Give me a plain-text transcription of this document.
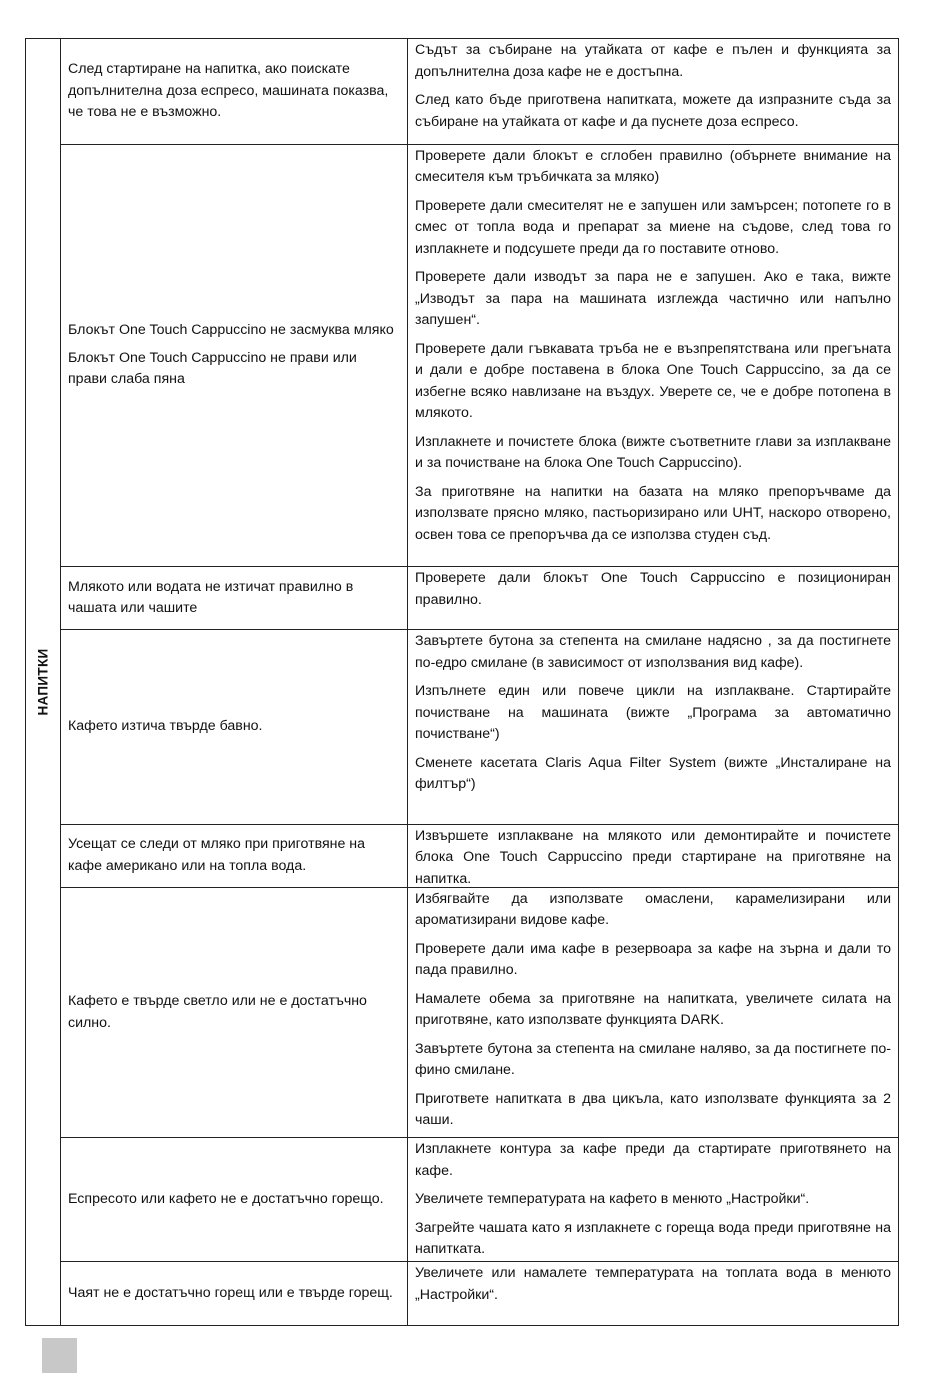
НАПИТКИ

След стартиране на напитка, ако поискате допълнителна доза еспресо, машината показва, че това не е възможно.

Съдът за събиране на утайката от кафе е пълен и функцията за допълнителна доза кафе не е достъпна.

След като бъде приготвена напитката, можете да изпразните съда за събиране на утайката от кафе и да пуснете доза еспресо.

Блокът One Touch Cappuccino не засмуква мляко

Блокът One Touch Cappuccino не прави или прави слаба пяна

Проверете дали блокът е сглобен правилно (обърнете внимание на смесителя към тръбичката за мляко)

Проверете дали смесителят не е запушен или замърсен; потопете го в смес от топла вода и препарат за миене на съдове, след това го изплакнете и подсушете преди да го поставите отново.

Проверете дали изводът за пара не е запушен. Ако е така, вижте „Изводът за пара на машината изглежда частично или напълно запушен“.

Проверете дали гъвкавата тръба не е възпрепятствана или прегъната и дали е добре поставена в блока One Touch Cappuccino, за да се избегне всяко навлизане на въздух. Уверете се, че е добре потопена в млякото.

Изплакнете и почистете блока (вижте съответните глави за изплакване и за почистване на блока One Touch Cappuccino).

За приготвяне на напитки на базата на мляко препоръчваме да използвате прясно мляко, пастьоризирано или UHT, наскоро отворено, освен това се препоръчва да се използва студен съд.

Млякото или водата не изтичат правилно в чашата или чашите

Проверете дали блокът One Touch Cappuccino е позициониран правилно.

Кафето изтича твърде бавно.

Завъртете бутона за степента на смилане надясно , за да постигнете по-едро смилане (в зависимост от използвания вид кафе).

Изпълнете един или повече цикли на изплакване. Стартирайте почистване на машината (вижте „Програма за автоматично почистване“)

Сменете касетата Claris Aqua Filter System (вижте „Инсталиране на филтър“)

Усещат се следи от мляко при приготвяне на кафе американо или на топла вода.

Извършете изплакване на млякото или демонтирайте и почистете блока One Touch Cappuccino преди стартиране на приготвяне на напитка.

Кафето е твърде светло или не е достатъчно силно.

Избягвайте да използвате омаслени, карамелизирани или ароматизирани видове кафе.

Проверете дали има кафе в резервоара за кафе на зърна и дали то пада правилно.

Намалете обема за приготвяне на напитката, увеличете силата на приготвяне, като използвате функцията DARK.

Завъртете бутона за степента на смилане наляво, за да постигнете по-фино смилане.

Пригответе напитката в два цикъла, като използвате функцията за 2 чаши.

Еспресото или кафето не е достатъчно горещо.

Изплакнете контура за кафе преди да стартирате приготвянето на кафе.

Увеличете температурата на кафето в менюто „Настройки“.

Загрейте чашата като я изплакнете с гореща вода преди приготвяне на напитката.

Чаят не е достатъчно горещ или е твърде горещ.

Увеличете или намалете температурата на топлата вода в менюто „Настройки“.
